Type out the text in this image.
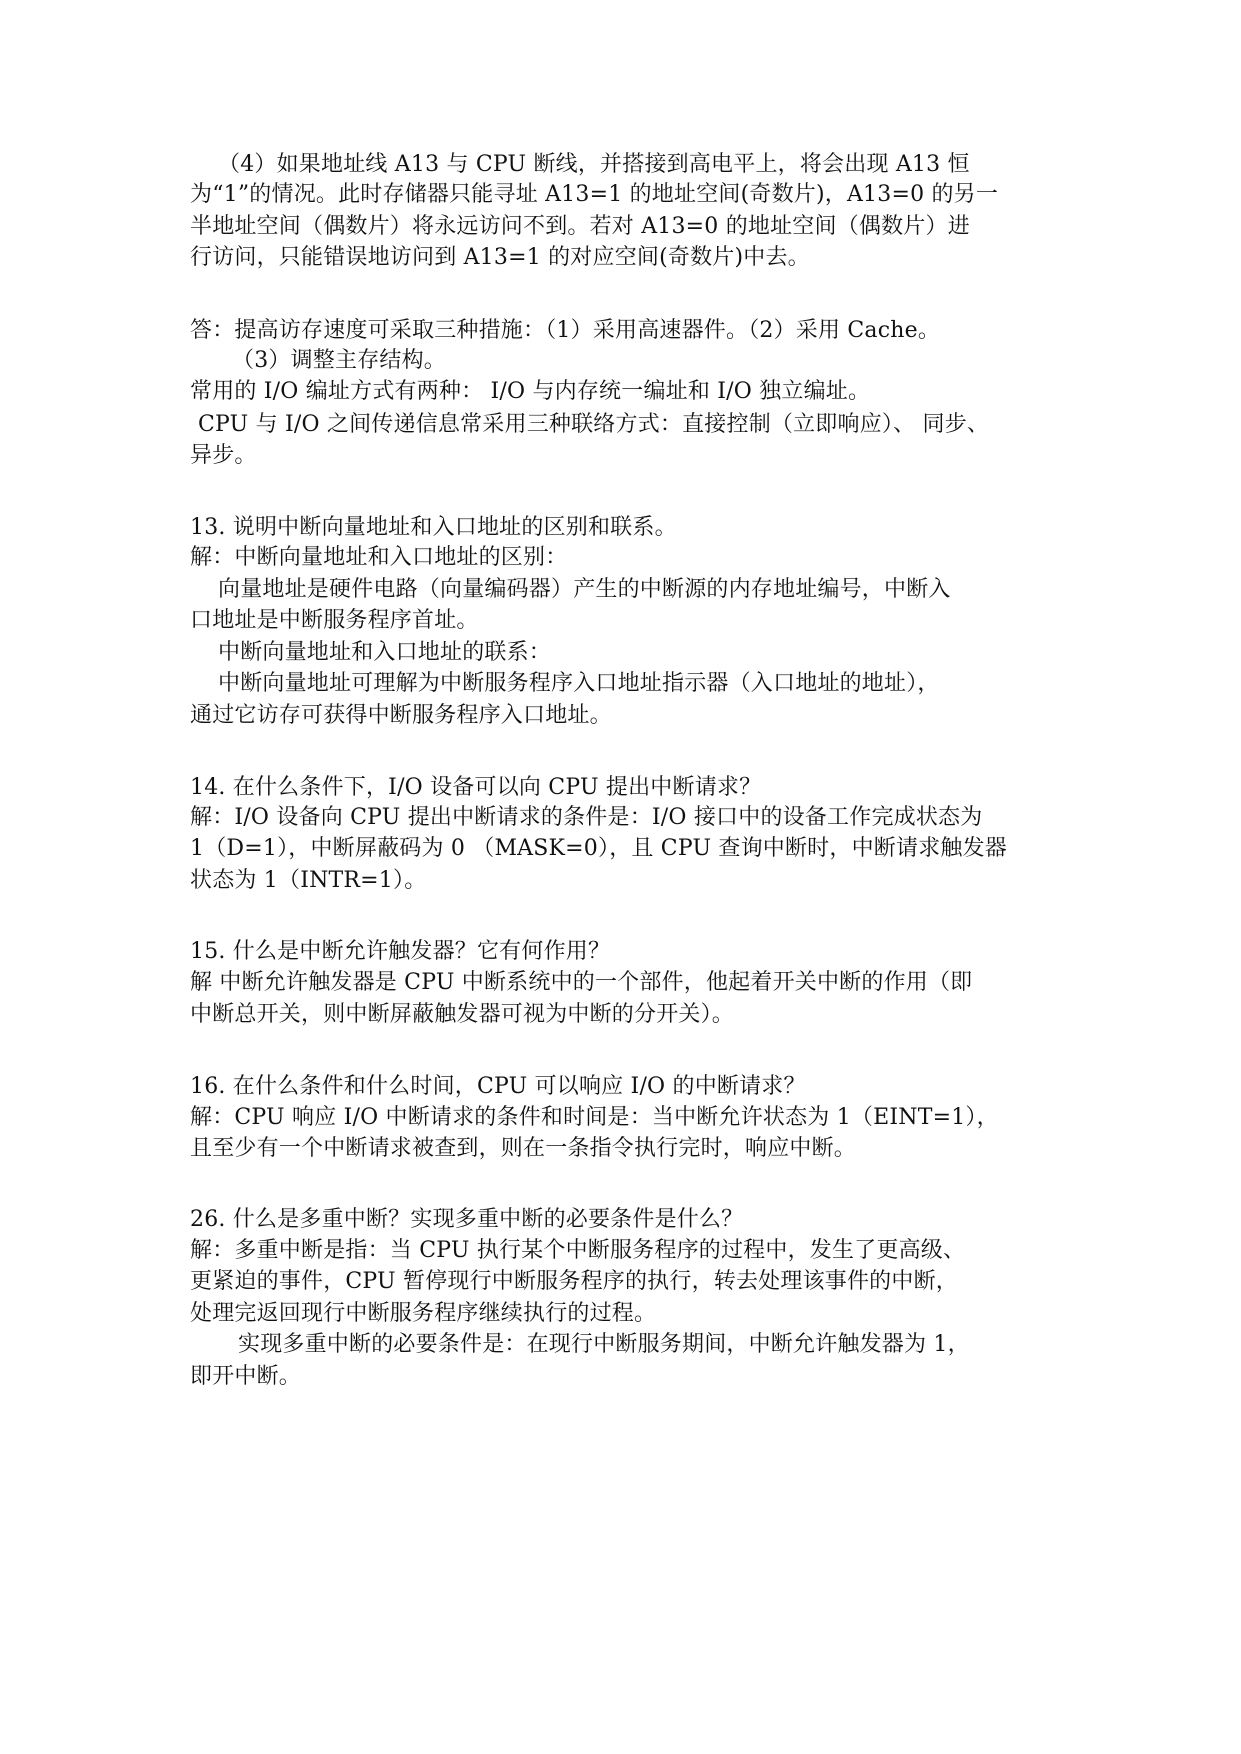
（4）如果地址线 A13 与 CPU 断线，并搭接到高电平上，将会出现 A13 恒
为“1”的情况。此时存储器只能寻址 A13=1 的地址空间(奇数片)，A13=0 的另一
半地址空间（偶数片）将永远访问不到。若对 A13=0 的地址空间（偶数片）进
行访问，只能错误地访问到 A13=1 的对应空间(奇数片)中去。
答：提高访存速度可采取三种措施：（1）采用高速器件。（2）采用 Cache。
（3）调整主存结构。
常用的 I/O 编址方式有两种： I/O 与内存统一编址和 I/O 独立编址。
CPU 与 I/O 之间传递信息常采用三种联络方式：直接控制（立即响应）、 同步、
异步。
13. 说明中断向量地址和入口地址的区别和联系。
解：中断向量地址和入口地址的区别：
向量地址是硬件电路（向量编码器）产生的中断源的内存地址编号，中断入
口地址是中断服务程序首址。
中断向量地址和入口地址的联系：
中断向量地址可理解为中断服务程序入口地址指示器（入口地址的地址），
通过它访存可获得中断服务程序入口地址。
14. 在什么条件下，I/O 设备可以向 CPU 提出中断请求？
解：I/O 设备向 CPU 提出中断请求的条件是：I/O 接口中的设备工作完成状态为
1（D=1），中断屏蔽码为 0 （MASK=0），且 CPU 查询中断时，中断请求触发器
状态为 1（INTR=1）。
15. 什么是中断允许触发器？它有何作用？
解 中断允许触发器是 CPU 中断系统中的一个部件，他起着开关中断的作用（即
中断总开关，则中断屏蔽触发器可视为中断的分开关）。
16. 在什么条件和什么时间，CPU 可以响应 I/O 的中断请求？
解：CPU 响应 I/O 中断请求的条件和时间是：当中断允许状态为 1（EINT=1），
且至少有一个中断请求被查到，则在一条指令执行完时，响应中断。
26. 什么是多重中断？实现多重中断的必要条件是什么？
解：多重中断是指：当 CPU 执行某个中断服务程序的过程中，发生了更高级、
更紧迫的事件，CPU 暂停现行中断服务程序的执行，转去处理该事件的中断，
处理完返回现行中断服务程序继续执行的过程。
实现多重中断的必要条件是：在现行中断服务期间，中断允许触发器为 1，
即开中断。
